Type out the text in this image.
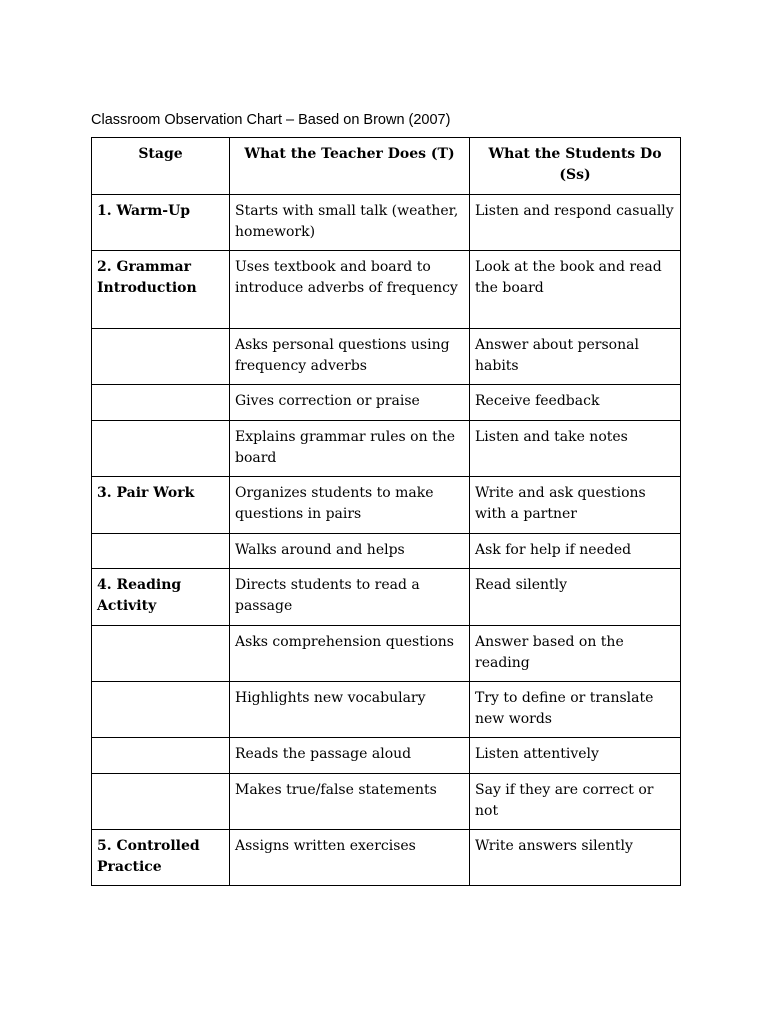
Classroom Observation Chart – Based on Brown (2007)
Stage	What the Teacher Does (T)	What the Students Do (Ss)
1. Warm-Up	Starts with small talk (weather, homework)	Listen and respond casually
2. Grammar Introduction	Uses textbook and board to introduce adverbs of frequency	Look at the book and read the board
	Asks personal questions using frequency adverbs	Answer about personal habits
	Gives correction or praise	Receive feedback
	Explains grammar rules on the board	Listen and take notes
3. Pair Work	Organizes students to make questions in pairs	Write and ask questions with a partner
	Walks around and helps	Ask for help if needed
4. Reading Activity	Directs students to read a passage	Read silently
	Asks comprehension questions	Answer based on the reading
	Highlights new vocabulary	Try to define or translate new words
	Reads the passage aloud	Listen attentively
	Makes true/false statements	Say if they are correct or not
5. Controlled Practice	Assigns written exercises	Write answers silently
